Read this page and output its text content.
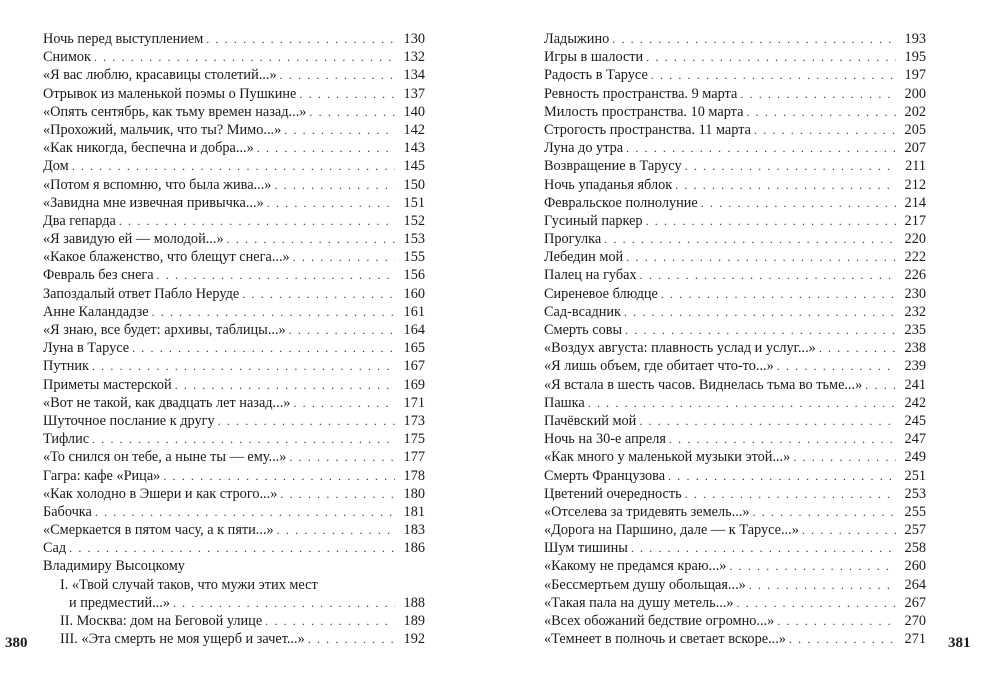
Ночь перед выступлением . . .	130
Снимок . . .	132
«Я вас люблю, красавицы столетий...» . . .	134
Отрывок из маленькой поэмы о Пушкине . . .	137
«Опять сентябрь, как тьму времен назад...» . . .	140
«Прохожий, мальчик, что ты? Мимо...» . . .	142
«Как никогда, беспечна и добра...» . . .	143
Дом . . .	145
«Потом я вспомню, что была жива...» . . .	150
«Завидна мне извечная привычка...» . . .	151
Два гепарда . . .	152
«Я завидую ей — молодой...» . . .	153
«Какое блаженство, что блещут снега...» . . .	155
Февраль без снега . . .	156
Запоздалый ответ Пабло Неруде . . .	160
Анне Каландадзе . . .	161
«Я знаю, все будет: архивы, таблицы...» . . .	164
Луна в Тарусе . . .	165
Путник . . .	167
Приметы мастерской . . .	169
«Вот не такой, как двадцать лет назад...» . . .	171
Шуточное послание к другу . . .	173
Тифлис . . .	175
«То снился он тебе, а ныне ты — ему...» . . .	177
Гагра: кафе «Рица» . . .	178
«Как холодно в Эшери и как строго...» . . .	180
Бабочка . . .	181
«Смеркается в пятом часу, а к пяти...» . . .	183
Сад . . .	186
Владимиру Высоцкому
I. «Твой случай таков, что мужи этих мест
и предместий...» . . .	188
II. Москва: дом на Беговой улице . . .	189
III. «Эта смерть не моя ущерб и зачет...» . . .	192
Ладыжино . . .	193
Игры в шалости . . .	195
Радость в Тарусе . . .	197
Ревность пространства. 9 марта . . .	200
Милость пространства. 10 марта . . .	202
Строгость пространства. 11 марта . . .	205
Луна до утра . . .	207
Возвращение в Тарусу . . .	211
Ночь упаданья яблок . . .	212
Февральское полнолуние . . .	214
Гусиный паркер . . .	217
Прогулка . . .	220
Лебедин мой . . .	222
Палец на губах . . .	226
Сиреневое блюдце . . .	230
Сад-всадник . . .	232
Смерть совы . . .	235
«Воздух августа: плавность услад и услуг...» . . .	238
«Я лишь объем, где обитает что-то...» . . .	239
«Я встала в шесть часов. Виднелась тьма во тьме...» . . .	241
Пашка . . .	242
Пачёвский мой . . .	245
Ночь на 30-е апреля . . .	247
«Как много у маленькой музыки этой...» . . .	249
Смерть Французова . . .	251
Цветений очередность . . .	253
«Отселева за тридевять земель...» . . .	255
«Дорога на Паршино, дале — к Тарусе...» . . .	257
Шум тишины . . .	258
«Какому не предамся краю...» . . .	260
«Бессмертьем душу обольщая...» . . .	264
«Такая пала на душу метель...» . . .	267
«Всех обожаний бедствие огромно...» . . .	270
«Темнеет в полночь и светает вскоре...» . . .	271
380	381
